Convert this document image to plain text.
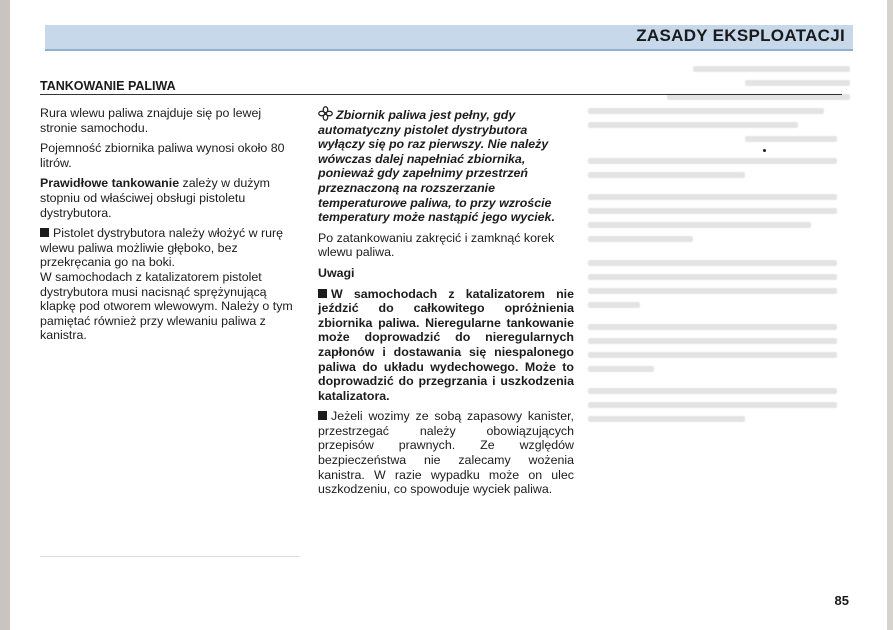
ZASADY EKSPLOATACJI
TANKOWANIE PALIWA

Rura wlewu paliwa znajduje się po lewej stronie samochodu.

Pojemność zbiornika paliwa wynosi około 80 litrów.

Prawidłowe tankowanie zależy w dużym stopniu od właściwej obsługi pistoletu dystrybutora.

Pistolet dystrybutora należy włożyć w rurę wlewu paliwa możliwie głęboko, bez przekręcania go na boki.

W samochodach z katalizatorem pistolet dystrybutora musi nacisnąć sprężynującą klapkę pod otworem wlewowym. Należy o tym pamiętać również przy wlewaniu paliwa z kanistra.

Zbiornik paliwa jest pełny, gdy automatyczny pistolet dystrybutora wyłączy się po raz pierwszy. Nie należy wówczas dalej napełniać zbiornika, ponieważ gdy zapełnimy przestrzeń przeznaczoną na rozszerzanie temperaturowe paliwa, to przy wzroście temperatury może nastąpić jego wyciek.

Po zatankowaniu zakręcić i zamknąć korek wlewu paliwa.

Uwagi

W samochodach z katalizatorem nie jeździć do całkowitego opróżnienia zbiornika paliwa. Nieregularne tankowanie może doprowadzić do nieregularnych zapłonów i dostawania się niespalonego paliwa do układu wydechowego. Może to doprowadzić do przegrzania i uszkodzenia katalizatora.

Jeżeli wozimy ze sobą zapasowy kanister, przestrzegać należy obowiązujących przepisów prawnych. Ze względów bezpieczeństwa nie zalecamy wożenia kanistra. W razie wypadku może on ulec uszkodzeniu, co spowoduje wyciek paliwa.

85
